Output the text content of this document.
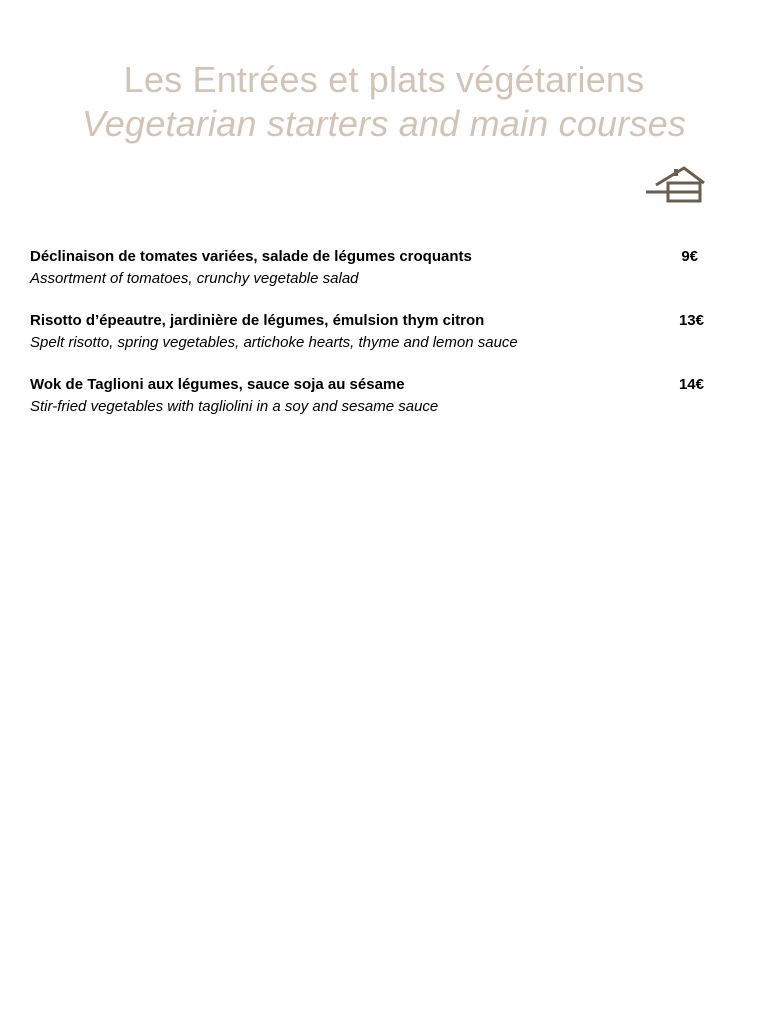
Les Entrées et plats végétariens
Vegetarian starters and main courses
Déclinaison de tomates variées, salade de légumes croquants
Assortment of tomatoes, crunchy vegetable salad
9€
Risotto d’épeautre, jardinière de légumes, émulsion thym citron
Spelt risotto, spring vegetables, artichoke hearts, thyme and lemon sauce
13€
Wok de Taglioni aux légumes, sauce soja au sésame
Stir-fried vegetables with tagliolini in a soy and sesame sauce
14€
